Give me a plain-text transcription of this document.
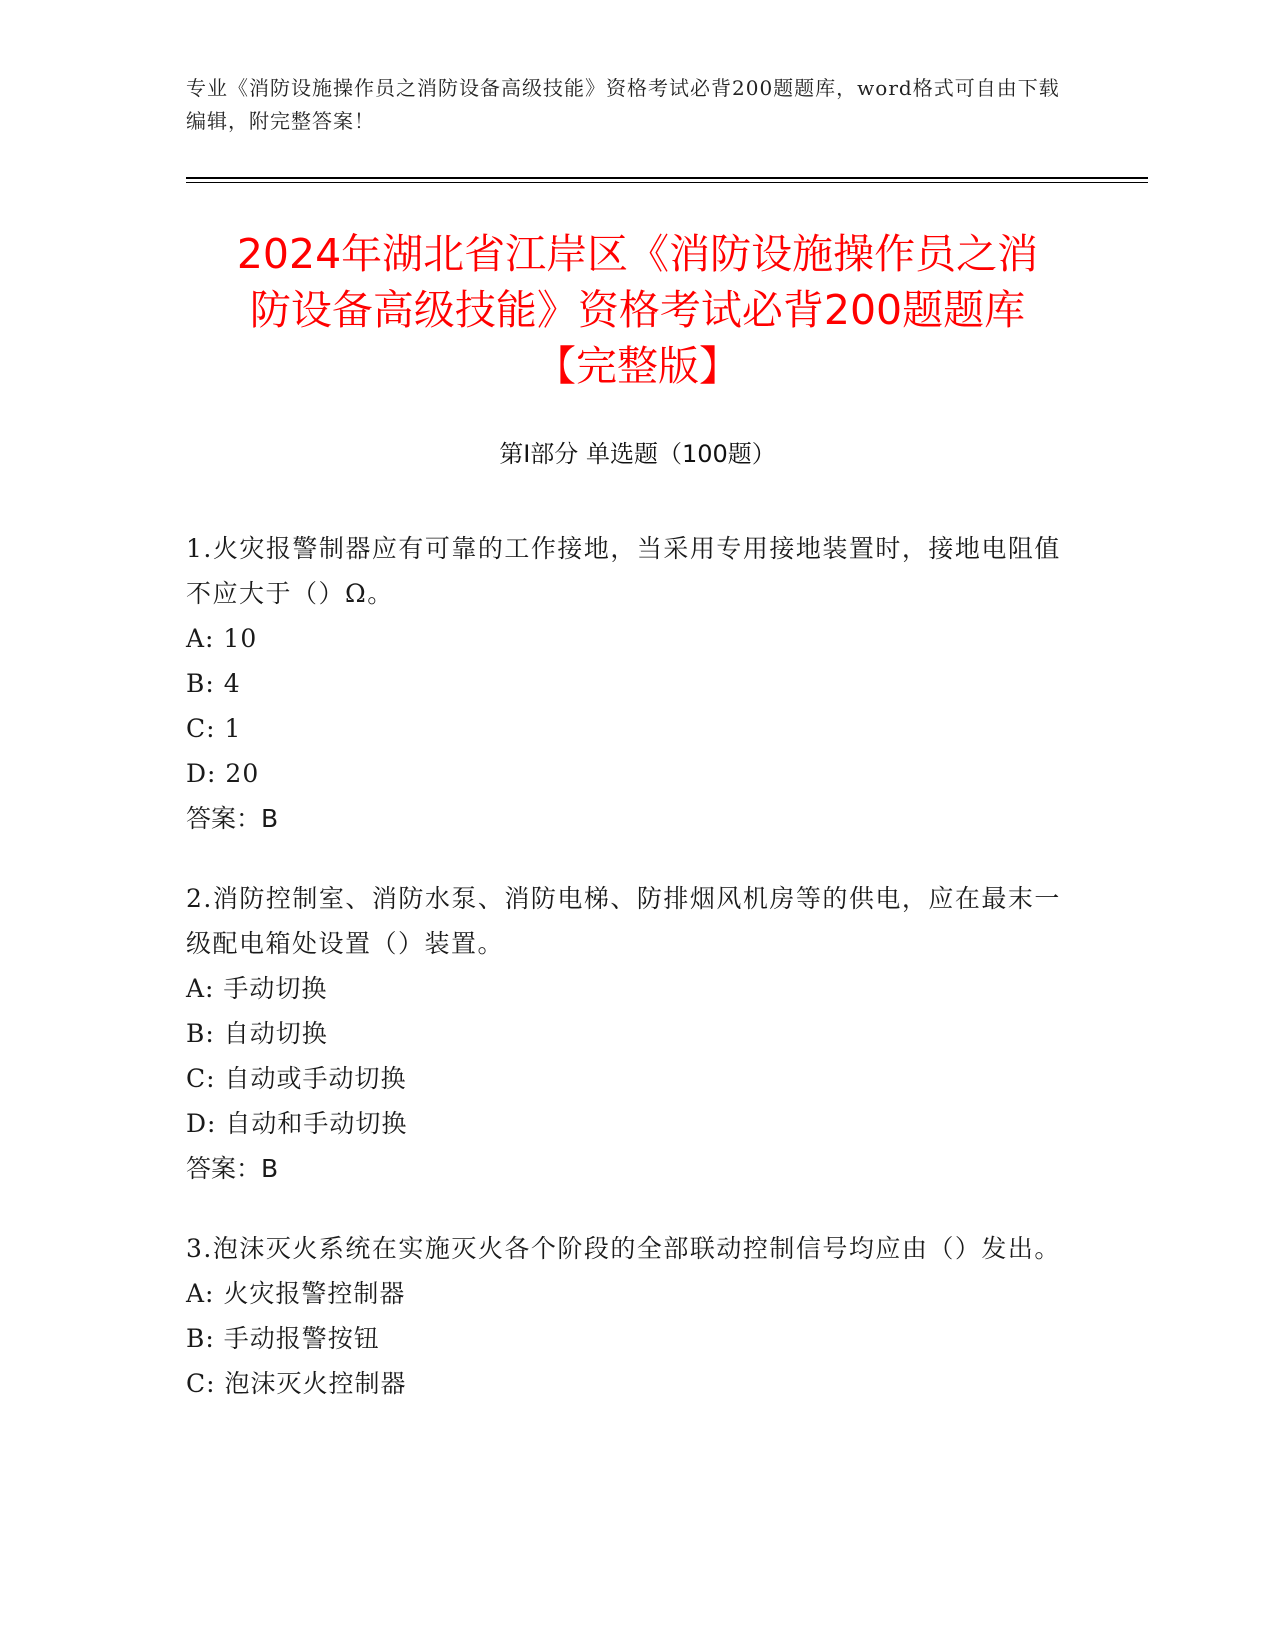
专业《消防设施操作员之消防设备高级技能》资格考试必背200题题库，word格式可自由下载编辑，附完整答案！
2024年湖北省江岸区《消防设施操作员之消
防设备高级技能》资格考试必背200题题库
【完整版】
第I部分 单选题（100题）

1.火灾报警制器应有可靠的工作接地，当采用专用接地装置时，接地电阻值不应大于（）Ω。

A: 10

B: 4

C: 1

D: 20

答案：B

2.消防控制室、消防水泵、消防电梯、防排烟风机房等的供电，应在最末一级配电箱处设置（）装置。

A: 手动切换

B: 自动切换

C: 自动或手动切换

D: 自动和手动切换

答案：B

3.泡沫灭火系统在实施灭火各个阶段的全部联动控制信号均应由（）发出。

A: 火灾报警控制器

B: 手动报警按钮

C: 泡沫灭火控制器
